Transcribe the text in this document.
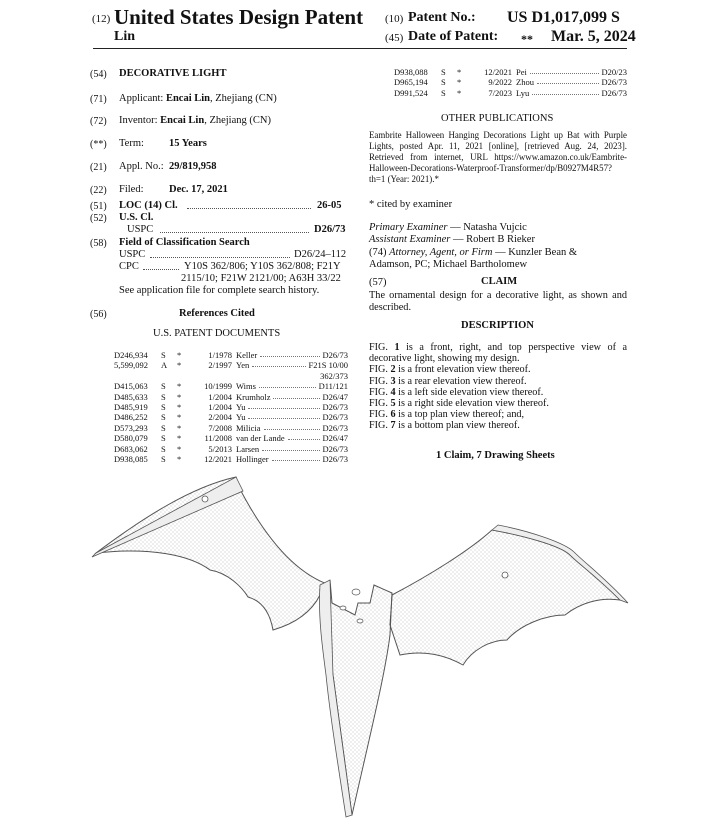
(12) United States Design Patent
Lin
(10) Patent No.: US D1,017,099 S
(45) Date of Patent: ** Mar. 5, 2024
(54)	DECORATIVE LIGHT
(71)	Applicant: Encai Lin, Zhejiang (CN)
(72)	Inventor: Encai Lin, Zhejiang (CN)
(**)	Term: 15 Years
(21)	Appl. No.: 29/819,958
(22)	Filed: Dec. 17, 2021
(51)	LOC (14) Cl.	26-05
(52)	U.S. Cl.
USPC	D26/73
(58)	Field of Classification Search
USPC	D26/24–112
CPC	Y10S 362/806; Y10S 362/808; F21Y
2115/10; F21W 2121/00; A63H 33/22
See application file for complete search history.
(56)	References Cited
U.S. PATENT DOCUMENTS
D246,934	S	*	1/1978 Keller	D26/73
5,599,092	A	*	2/1997 Yen	F21S 10/00
362/373
D415,063	S	*	10/1999 Wims	D11/121
D485,633	S	*	1/2004 Krumholz	D26/47
D485,919	S	*	1/2004 Yu	D26/73
D486,252	S	*	2/2004 Yu	D26/73
D573,293	S	*	7/2008 Milicia	D26/73
D580,079	S	*	11/2008 van der Lande	D26/47
D683,062	S	*	5/2013 Larsen	D26/73
D938,085	S	*	12/2021 Hollinger	D26/73
D938,088	S	*	12/2021 Pei	D20/23
D965,194	S	*	9/2022 Zhou	D26/73
D991,524	S	*	7/2023 Lyu	D26/73
OTHER PUBLICATIONS
Eambrite Halloween Hanging Decorations Light up Bat with Purple Lights, posted Apr. 11, 2021 [online], [retrieved Aug. 24, 2023]. Retrieved from internet, URL https://www.amazon.co.uk/Eambrite-Halloween-Decorations-Waterproof-Transformer/dp/B0927M4R57?th=1 (Year: 2021).*
* cited by examiner
Primary Examiner — Natasha Vujcic
Assistant Examiner — Robert B Rieker
(74) Attorney, Agent, or Firm — Kunzler Bean &
Adamson, PC; Michael Bartholomew
(57)	CLAIM
The ornamental design for a decorative light, as shown and described.
DESCRIPTION
FIG. 1 is a front, right, and top perspective view of a
decorative light, showing my design.
FIG. 2 is a front elevation view thereof.
FIG. 3 is a rear elevation view thereof.
FIG. 4 is a left side elevation view thereof.
FIG. 5 is a right side elevation view thereof.
FIG. 6 is a top plan view thereof; and,
FIG. 7 is a bottom plan view thereof.
1 Claim, 7 Drawing Sheets
